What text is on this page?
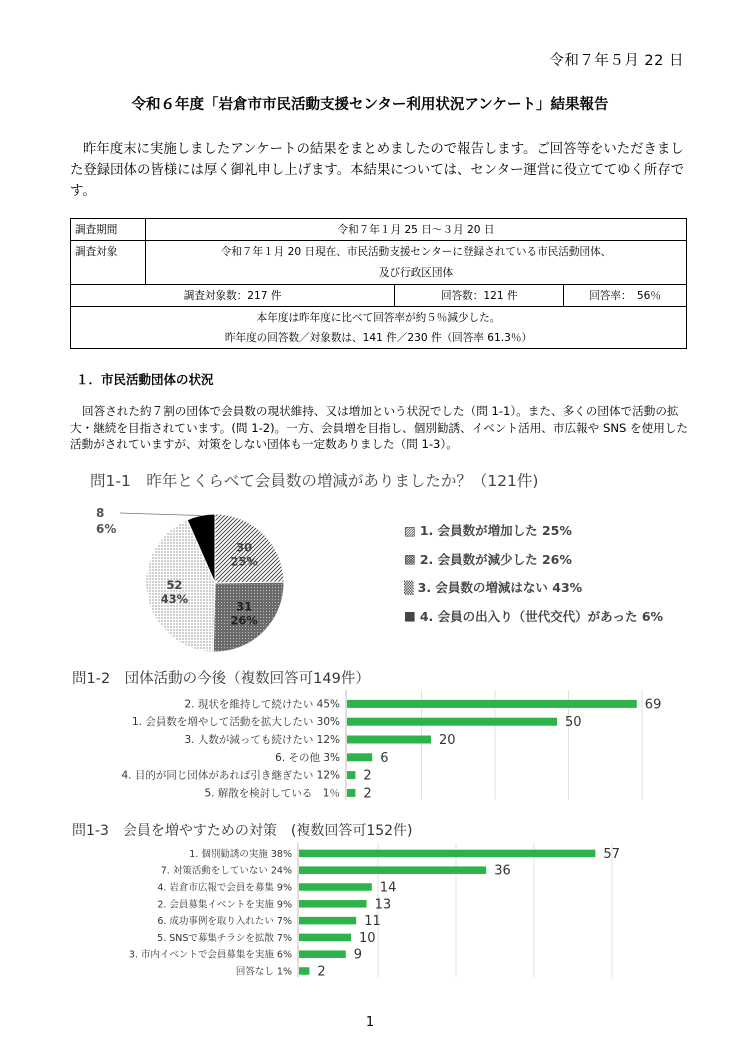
令和７年５月 22 日
令和６年度「岩倉市市民活動支援センター利用状況アンケート」結果報告
昨年度末に実施しましたアンケートの結果をまとめましたので報告します。ご回答等をいただきました登録団体の皆様には厚く御礼申し上げます。本結果については、センター運営に役立ててゆく所存です。
調査期間	令和７年１月 25 日～３月 20 日		
調査対象	令和７年１月 20 日現在、市民活動支援センターに登録されている市民活動団体、
及び行政区団体		

調査対象数：217 件		回答数：121 件	回答率：　56％

本年度は昨年度に比べて回答率が約５％減少した。
昨年度の回答数／対象数は、141 件／230 件（回答率 61.3％）			
１．市民活動団体の状況
回答された約７割の団体で会員数の現状維持、又は増加という状況でした（問 1-1）。また、多くの団体で活動の拡大・継続を目指されています。(問 1-2)。一方、会員増を目指し、個別勧誘、イベント活用、市広報や SNS を使用した活動がされていますが、対策をしない団体も一定数ありました（問 1-3）。
問1-1　昨年とくらべて会員数の増減がありましたか？（121件)
30
25%
31
26%
52
43%
8
6%	▨ 1. 会員数が増加した 25%
▩ 2. 会員数が減少した 26%
▒ 3. 会員数の増減はない 43%
■ 4. 会員の出入り（世代交代）があった 6%
問1-2　団体活動の今後（複数回答可149件）
2. 現状を維持して続けたい 45%	69
1. 会員数を増やして活動を拡大したい 30%	50
3. 人数が減っても続けたい 12%	20
6. その他 3%	6
4. 目的が同じ団体があれば引き継ぎたい 12% 2
5. 解散を検討している　1％ 2
問1-3　会員を増やすための対策　(複数回答可152件)
1. 個別勧誘の実施 38%	57
7. 対策活動をしていない 24%	36
4. 岩倉市広報で会員を募集 9%	14
2. 会員募集イベントを実施 9%	13
6. 成功事例を取り入れたい 7%	11
5. SNSで募集チラシを拡散 7%	10
3. 市内イベントで会員募集を実施 6%	9
回答なし 1% 2
1
